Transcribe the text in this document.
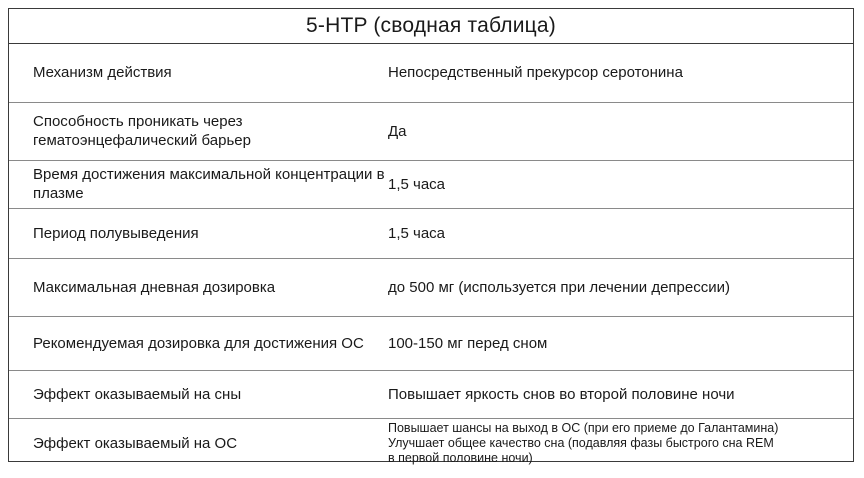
5-HTP (сводная таблица)
Механизм действия	Непосредственный прекурсор серотонина
Способность проникать через гематоэнцефалический барьер	Да
Время достижения максимальной концентрации в плазме	1,5 часа
Период полувыведения	1,5 часа
Максимальная дневная дозировка	до 500 мг (используется при лечении депрессии)
Рекомендуемая дозировка для достижения ОС	100-150 мг перед сном
Эффект оказываемый на сны	Повышает яркость снов во второй половине ночи
Эффект оказываемый на ОС	Повышает шансы на выход в ОС (при его приеме до Галантамина)
Улучшает общее качество сна (подавляя фазы быстрого сна REM
в первой половине ночи)
